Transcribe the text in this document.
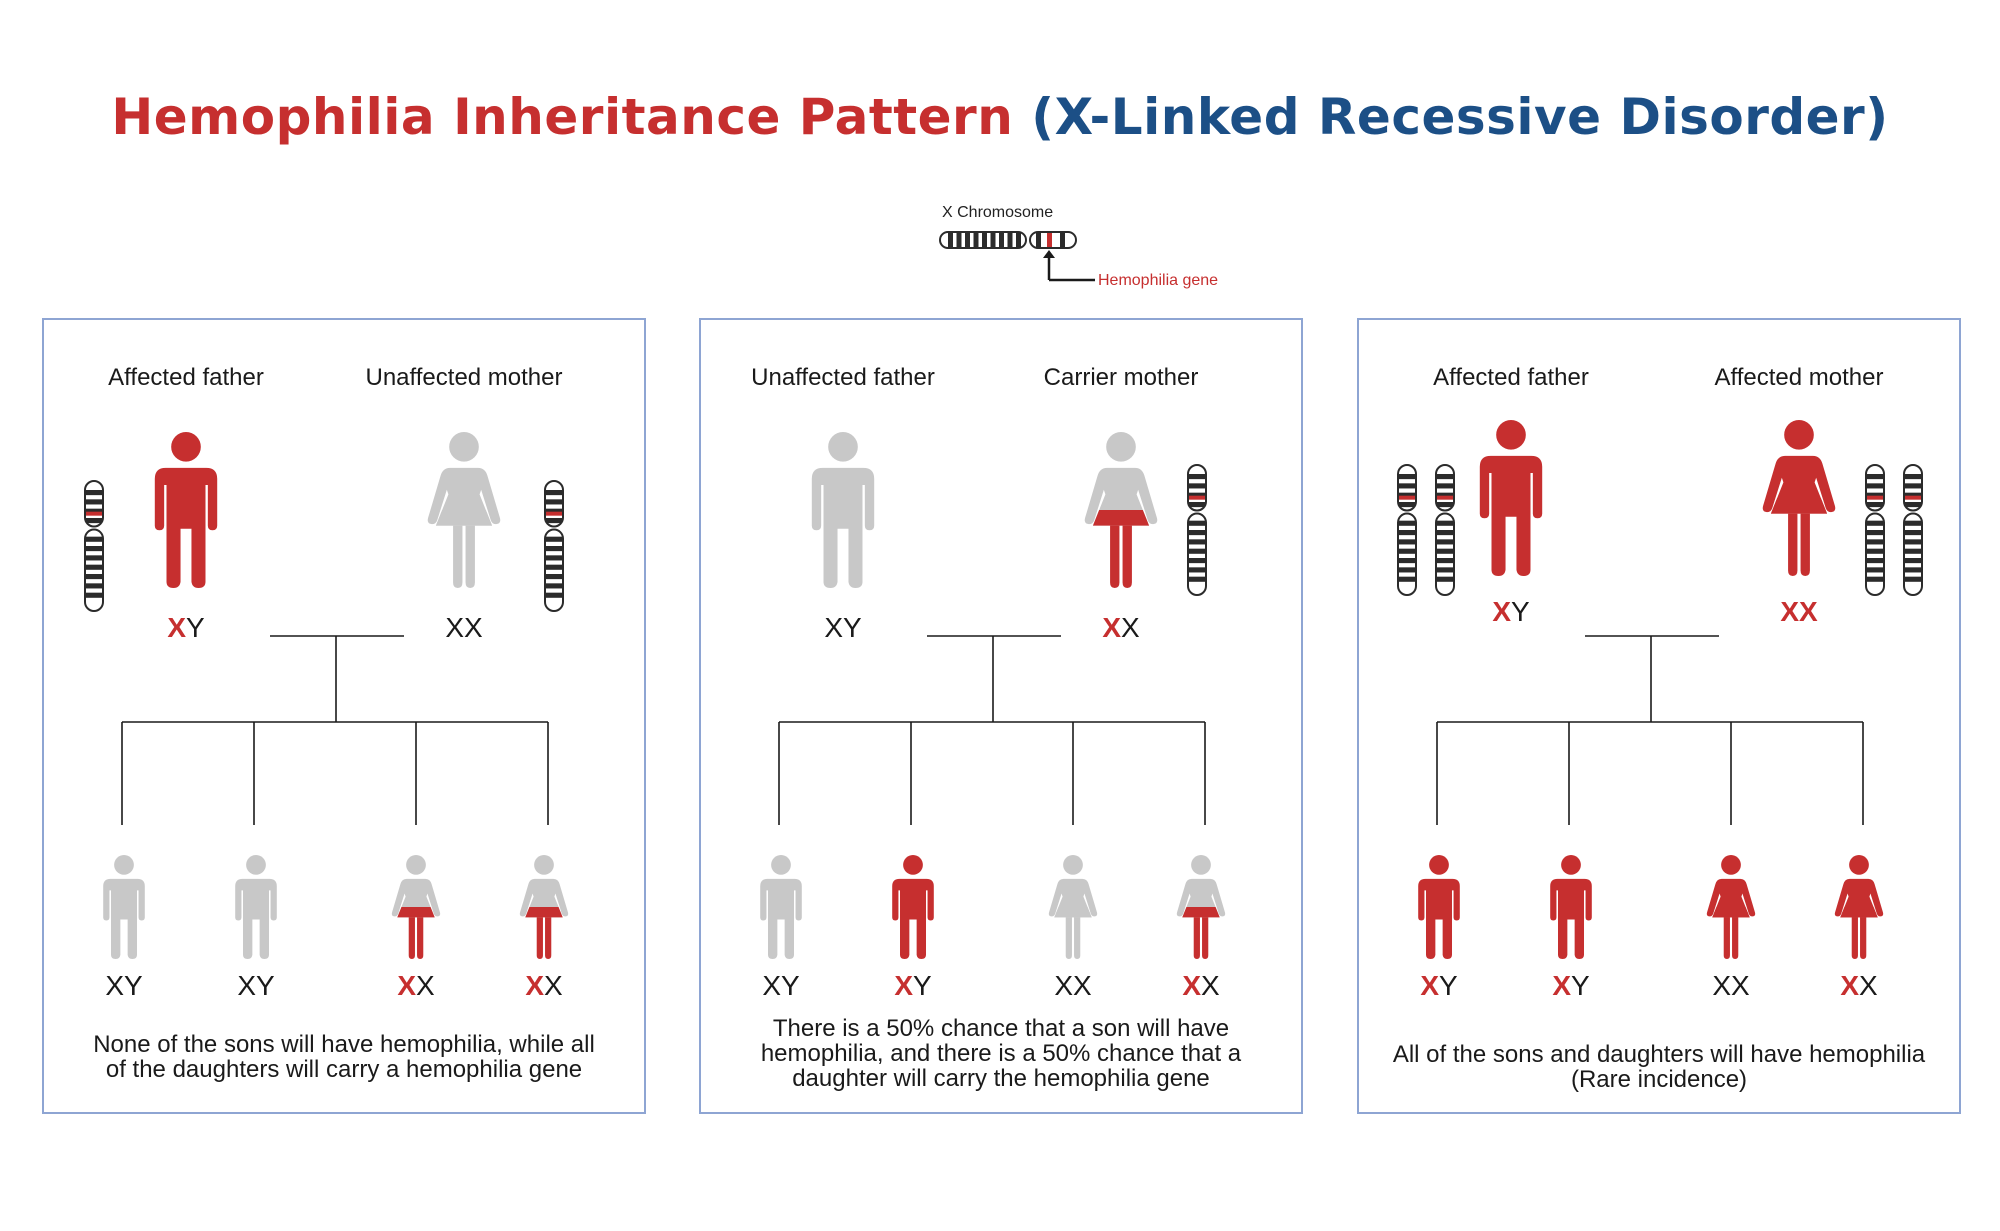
Hemophilia Inheritance Pattern (X-Linked Recessive Disorder)
X Chromosome
Hemophilia gene
Affected father
XY
Unaffected mother
XX
XY	XY	XX	XX
None of the sons will have hemophilia, while all
of the daughters will carry a hemophilia gene
Unaffected father
XY
Carrier mother
XX
XY	XY	XX	XX
There is a 50% chance that a son will have
hemophilia, and there is a 50% chance that a
daughter will carry the hemophilia gene
Affected father
XY
Affected mother
XX
XY	XY	XX	XX
All of the sons and daughters will have hemophilia
(Rare incidence)
